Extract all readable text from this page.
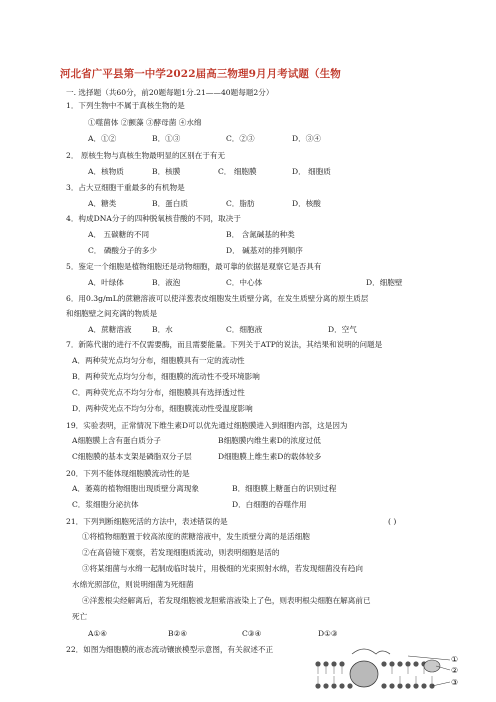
河北省广平县第一中学2022届高三物理9月月考试题（生物
一. 选择题（共60分，前20题每题1分.21——40题每题2分）
1．下列生物中不属于真核生物的是
①噬菌体 ②颤藻 ③酵母菌 ④水绵
A．①②	B．①③	C．②③	D．③④
2． 原核生物与真核生物最明显的区别在于有无
A．核物质	B．核膜	C． 细胞膜	D． 细胞质
3．占大豆细胞干重最多的有机物是
A．糖类	B．蛋白质	C．脂肪	D．核酸
4．构成DNA分子的四种脱氧核苷酸的不同，取决于
A． 五碳糖的不同	B． 含氮碱基的种类
C． 磷酸分子的多少	D． 碱基对的排列顺序
5．鉴定一个细胞是植物细胞还是动物细胞，最可靠的依据是观察它是否具有
A．叶绿体	B．液泡	C．中心体	D．细胞壁
6．用0.3g/mL的蔗糖溶液可以使洋葱表皮细胞发生质壁分离，在发生质壁分离的原生质层
和细胞壁之间充满的物质是
A．蔗糖溶液	B．水	C．细胞液	D．空气
7．新陈代谢的进行不仅需要酶，而且需要能量。下列关于ATP的说法，其结果和说明的问题是
A．两种荧光点均匀分布，细胞膜具有一定的流动性
B．两种荧光点均匀分布，细胞膜的流动性不受环境影响
C．两种荧光点不均匀分布，细胞膜具有选择透过性
D．两种荧光点不均匀分布，细胞膜流动性受温度影响
19．实验表明，正常情况下维生素D可以优先通过细胞膜进入到细胞内部，这是因为
A细胞膜上含有蛋白质分子	B细胞膜内维生素D的浓度过低
C细胞膜的基本支架是磷脂双分子层	D细胞膜上维生素D的载体较多
20．下列不能体现细胞膜流动性的是
A．萎蔫的植物细胞出现质壁分离现象	B．细胞膜上糖蛋白的识别过程
C．浆细胞分泌抗体	D．白细胞的吞噬作用
21．下列判断细胞死活的方法中，表述错误的是	( )
①将植物细胞置于较高浓度的蔗糖溶液中，发生质壁分离的是活细胞
②在高倍镜下观察，若发现细胞质流动，则表明细胞是活的
③将某细菌与水绵一起制成临时装片，用极细的光束照射水绵，若发现细菌没有趋向
水绵光照部位，则说明细菌为死细菌
④洋葱根尖经解离后，若发现细胞被龙胆紫溶液染上了色，则表明根尖细胞在解离前已
死亡
A①④	B②④	C③④	D①③
22．如图为细胞膜的液态流动镶嵌模型示意图，有关叙述不正
①
②
③
